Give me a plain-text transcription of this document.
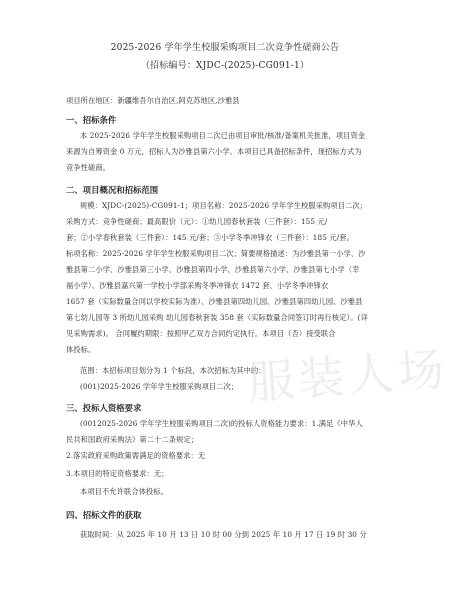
2025-2026 学年学生校服采购项目二次竞争性磋商公告
（招标编号：XJDC-(2025)-CG091-1）
项目所在地区：新疆维吾尔自治区,阿克苏地区,沙雅县
一、招标条件
本 2025-2026 学年学生校服采购项目二次已由项目审批/核准/备案机关批准，项目资金
来源为自筹资金 0 万元，招标人为沙雅县第六小学。本项目已具备招标条件，现招标方式为
竞争性磋商。
二、项目概况和招标范围
规模：XJDC-(2025)-CG091-1；项目名称：2025-2026 学年学生校服采购项目二次；
采购方式：竞争性磋商；最高限价（元）：①幼儿园春秋套装（三件套）：155 元/
套；②小学春秋套装（三件套）：145 元/套；③小学冬季冲锋衣（三件套）：185 元/套。
标项名称：2025-2026 学年学生校服采购项目二次；简要规格描述：为沙雅县第一小学、沙
雅县第二小学、沙雅县第三小学、沙雅县第四小学、沙雅县第六小学、沙雅县第七小学（幸
福小学）、沙雅县嘉兴第一学校小学部采购冬季冲锋衣 1472 套、小学冬季冲锋衣
1657 套（实际数量合同以学校实际为准）、沙雅县第四幼儿园、沙雅县第四幼儿园、沙雅县
第七幼儿园等 3 所幼儿园采购 幼儿园春秋套装 358 套（实际数量合同签订时再行核定）。(详
见采购需求)。 合同履约期限：按照甲乙双方合同约定执行。本项目（否）接受联合
体投标。
范围：本招标项目划分为 1 个标段，本次招标为其中的：
(001)2025-2026 学年学生校服采购项目二次；
三、投标人资格要求
(0012025-2026 学年学生校服采购项目二次)的投标人资格能力要求：1.满足《中华人
民共和国政府采购法》第二十二条规定；
2.落实政府采购政策需满足的资格要求：无
3.本项目的特定资格要求：无；
本项目不允许联合体投标。
四、招标文件的获取
获取时间：从 2025 年 10 月 13 日 10 时 00 分到 2025 年 10 月 17 日 19 时 30 分
服装人场
